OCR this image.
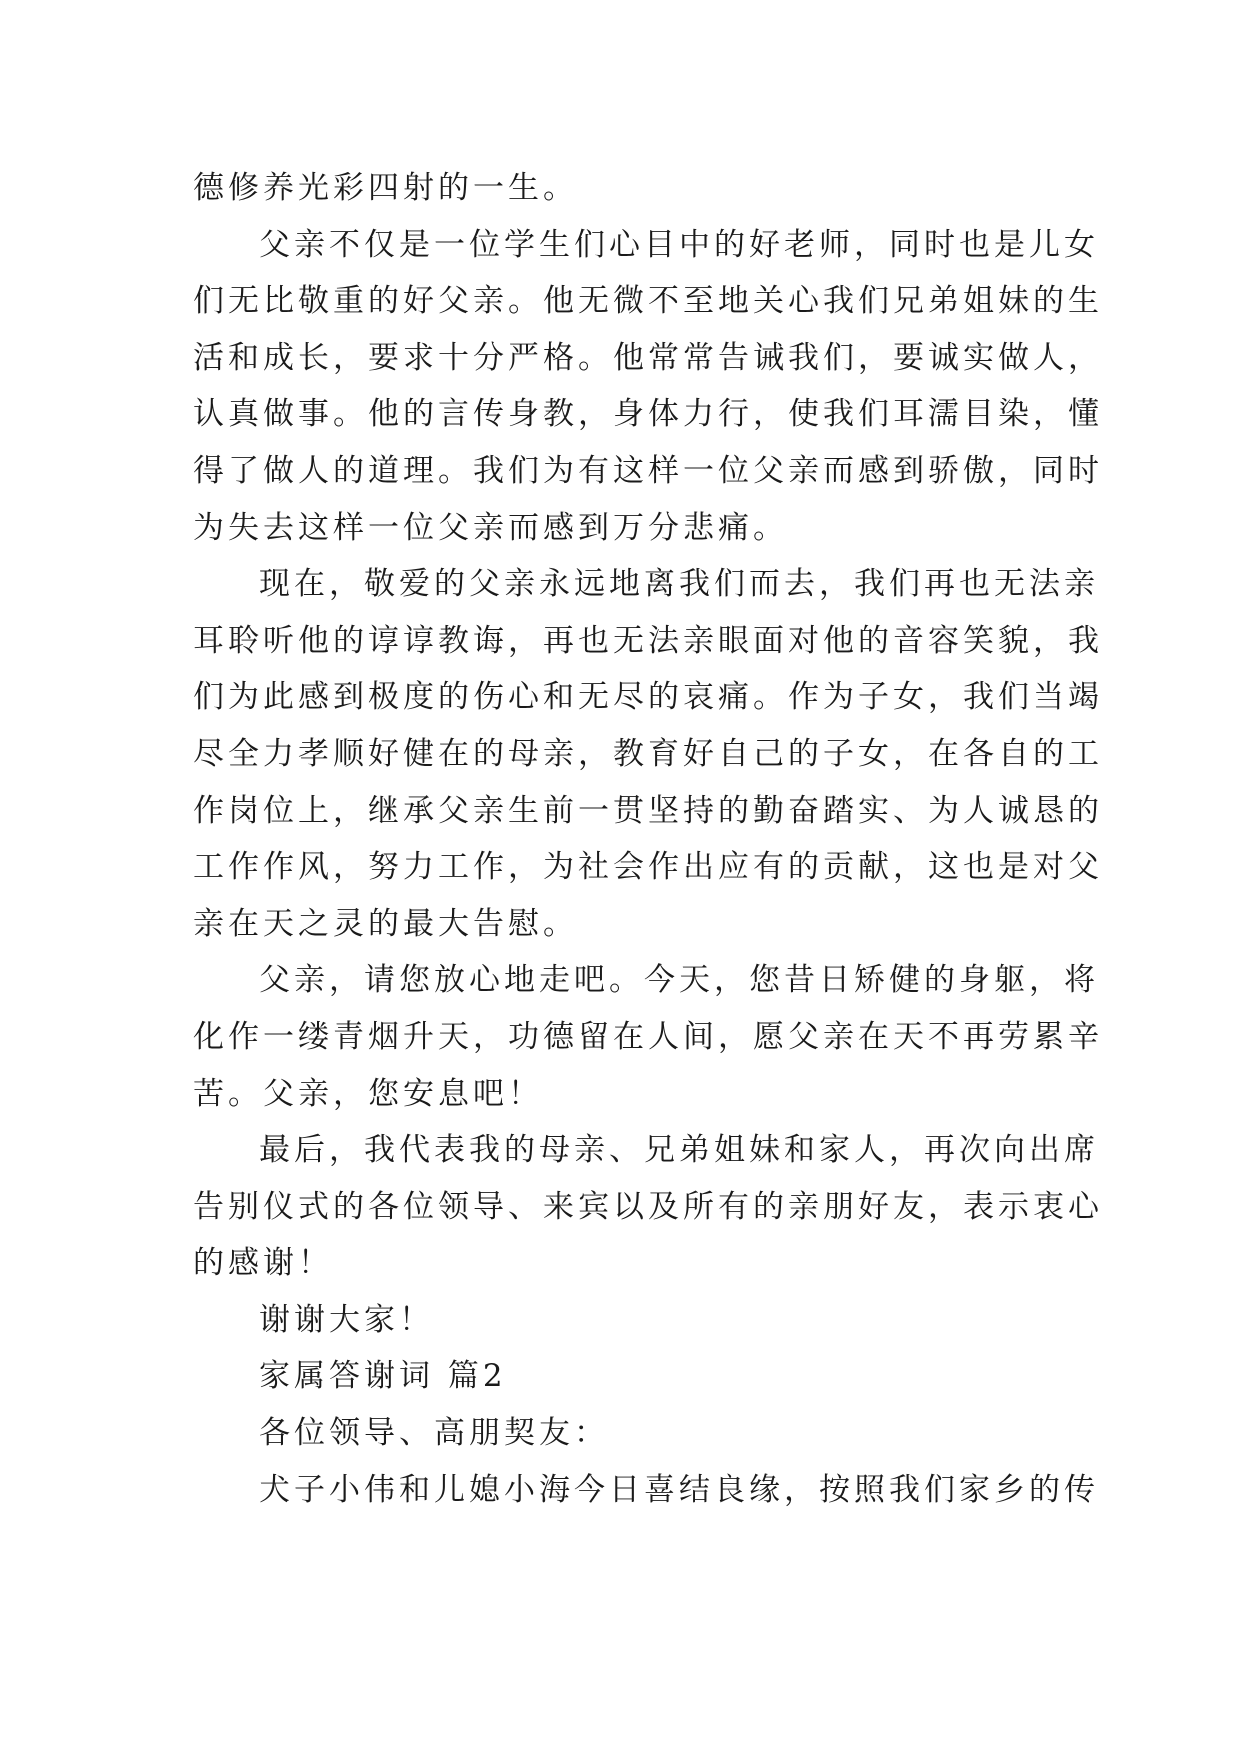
德修养光彩四射的一生。
父亲不仅是一位学生们心目中的好老师，同时也是儿女
们无比敬重的好父亲。他无微不至地关心我们兄弟姐妹的生
活和成长，要求十分严格。他常常告诫我们，要诚实做人，
认真做事。他的言传身教，身体力行，使我们耳濡目染，懂
得了做人的道理。我们为有这样一位父亲而感到骄傲，同时
为失去这样一位父亲而感到万分悲痛。
现在，敬爱的父亲永远地离我们而去，我们再也无法亲
耳聆听他的谆谆教诲，再也无法亲眼面对他的音容笑貌，我
们为此感到极度的伤心和无尽的哀痛。作为子女，我们当竭
尽全力孝顺好健在的母亲，教育好自己的子女，在各自的工
作岗位上，继承父亲生前一贯坚持的勤奋踏实、为人诚恳的
工作作风，努力工作，为社会作出应有的贡献，这也是对父
亲在天之灵的最大告慰。
父亲，请您放心地走吧。今天，您昔日矫健的身躯，将
化作一缕青烟升天，功德留在人间，愿父亲在天不再劳累辛
苦。父亲，您安息吧！
最后，我代表我的母亲、兄弟姐妹和家人，再次向出席
告别仪式的各位领导、来宾以及所有的亲朋好友，表示衷心
的感谢！
谢谢大家！
家属答谢词 篇2
各位领导、高朋契友：
犬子小伟和儿媳小海今日喜结良缘，按照我们家乡的传
